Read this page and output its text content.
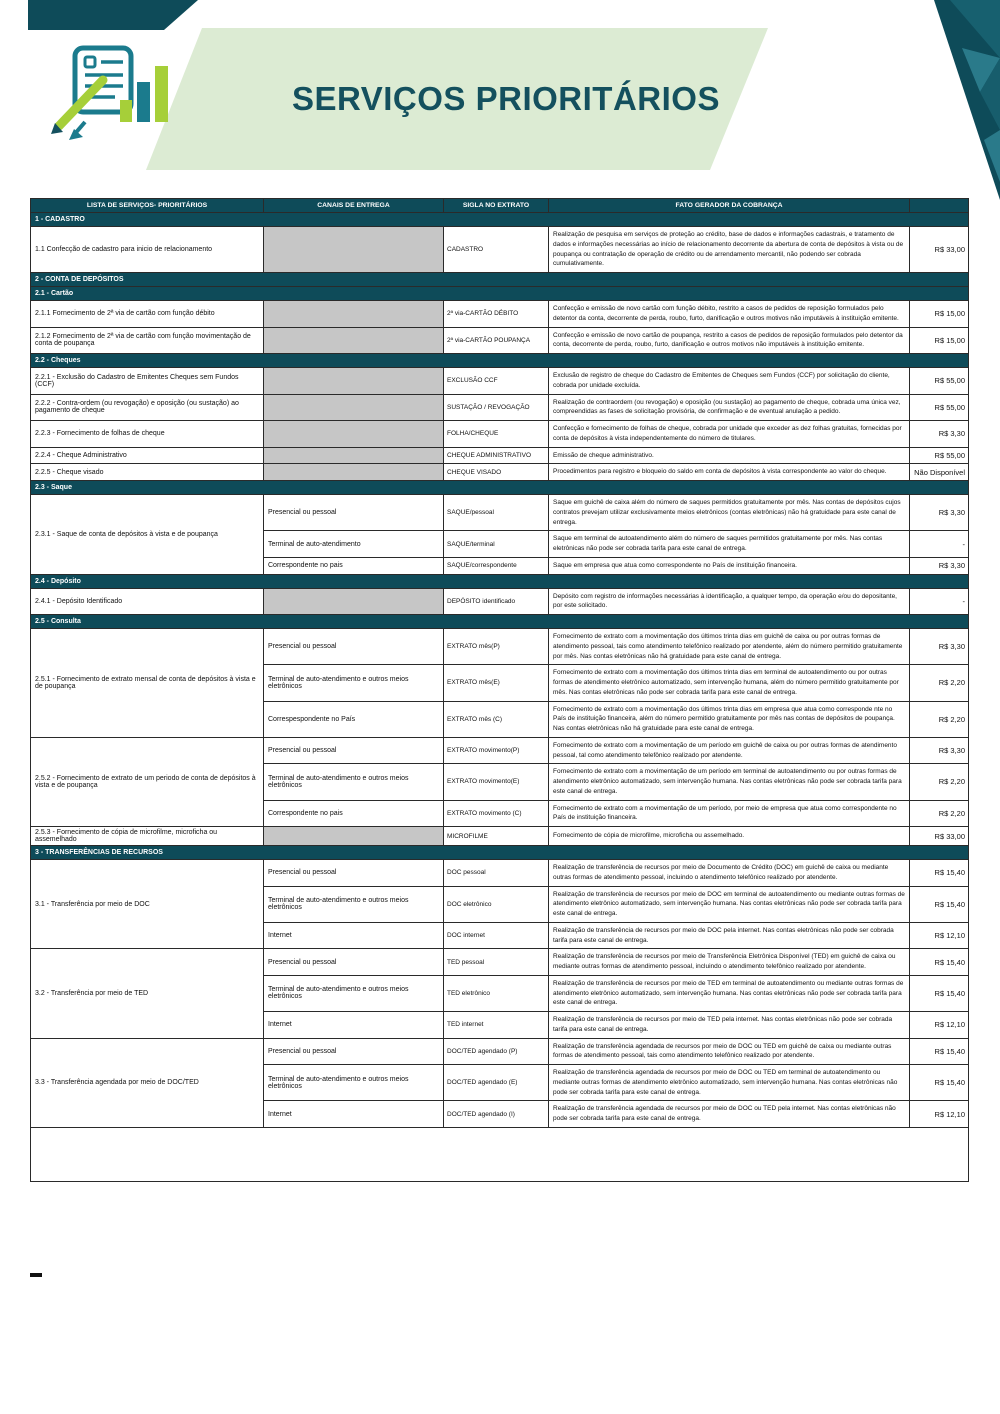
SERVIÇOS PRIORITÁRIOS
LISTA DE SERVIÇOS- PRIORITÁRIOS	CANAIS DE ENTREGA	SIGLA NO EXTRATO	FATO GERADOR DA COBRANÇA	
1 - CADASTRO				
1.1 Confecção de cadastro para inicio de relacionamento		CADASTRO	Realização de pesquisa em serviços de proteção ao crédito, base de dados e informações cadastrais, e tratamento de dados e informações necessárias ao início de relacionamento decorrente da abertura de conta de depósitos à vista ou de poupança ou contratação de operação de crédito ou de arrendamento mercantil, não podendo ser cobrada cumulativamente.	R$ 33,00
2 - CONTA DE DEPÓSITOS				
2.1 - Cartão				
2.1.1 Fornecimento de 2ª via de cartão com função débito		2ª via-CARTÃO DÉBITO	Confecção e emissão de novo cartão com função débito, restrito a casos de pedidos de reposição formulados pelo detentor da conta, decorrente de perda, roubo, furto, danificação e outros motivos não imputáveis à instituição emitente.	R$ 15,00
2.1.2 Fornecimento de 2ª via de cartão com função movimentação de conta de poupança		2ª via-CARTÃO POUPANÇA	Confecção e emissão de novo cartão de poupança, restrito a casos de pedidos de reposição formulados pelo detentor da conta, decorrente de perda, roubo, furto, danificação e outros motivos não imputáveis à instituição emitente.	R$ 15,00
2.2 - Cheques				
2.2.1 - Exclusão do Cadastro de Emitentes Cheques sem Fundos (CCF)		EXCLUSÃO CCF	Exclusão de registro de cheque do Cadastro de Emitentes de Cheques sem Fundos (CCF) por solicitação do cliente, cobrada por unidade excluída.	R$ 55,00
2.2.2 - Contra-ordem (ou revogação) e oposição (ou sustação) ao pagamento de cheque		SUSTAÇÃO / REVOGAÇÃO	Realização de contraordem (ou revogação) e oposição (ou sustação) ao pagamento de cheque, cobrada uma única vez, compreendidas as fases de solicitação provisória, de confirmação e de eventual anulação a pedido.	R$ 55,00
2.2.3 - Fornecimento de folhas de cheque		FOLHA/CHEQUE	Confecção e fornecimento de folhas de cheque, cobrada por unidade que exceder as dez folhas gratuitas, fornecidas por conta de depósitos à vista independentemente do número de titulares.	R$ 3,30
2.2.4 - Cheque Administrativo		CHEQUE ADMINISTRATIVO	Emissão de cheque administrativo.	R$ 55,00
2.2.5 - Cheque visado		CHEQUE VISADO	Procedimentos para registro e bloqueio do saldo em conta de depósitos à vista correspondente ao valor do cheque.	Não Disponível
2.3 - Saque				
2.3.1 - Saque de conta de depósitos à vista e de poupança	Presencial ou pessoal	SAQUE/pessoal	Saque em guichê de caixa além do número de saques permitidos gratuitamente por mês. Nas contas de depósitos cujos contratos prevejam utilizar exclusivamente meios eletrônicos (contas eletrônicas) não há gratuidade para este canal de entrega.	R$ 3,30
	Terminal de auto-atendimento	SAQUE/terminal	Saque em terminal de autoatendimento além do número de saques permitidos gratuitamente por mês. Nas contas eletrônicas não pode ser cobrada tarifa para este canal de entrega.	-
	Correspondente no pais	SAQUE/correspondente	Saque em empresa que atua como correspondente no País de instituição financeira.	R$ 3,30
2.4 - Depósito				
2.4.1 - Depósito Identificado		DEPÓSITO identificado	Depósito com registro de informações necessárias à identificação, a qualquer tempo, da operação e/ou do depositante, por este solicitado.	-
2.5 - Consulta				
2.5.1 - Fornecimento de extrato mensal de conta de depósitos à vista e de poupança	Presencial ou pessoal	EXTRATO mês(P)	Fornecimento de extrato com a movimentação dos últimos trinta dias em guichê de caixa ou por outras formas de atendimento pessoal, tais como atendimento telefônico realizado por atendente, além do número permitido gratuitamente por mês. Nas contas eletrônicas não há gratuidade para este canal de entrega.	R$ 3,30
	Terminal de auto-atendimento e outros meios eletrônicos	EXTRATO mês(E)	Fornecimento de extrato com a movimentação dos últimos trinta dias em terminal de autoatendimento ou por outras formas de atendimento eletrônico automatizado, sem intervenção humana, além do número permitido gratuitamente por mês. Nas contas eletrônicas não pode ser cobrada tarifa para este canal de entrega.	R$ 2,20
	Correspespondente no País	EXTRATO mês (C)	Fornecimento de extrato com a movimentação dos últimos trinta dias em empresa que atua como corresponde nte no País de instituição financeira, além do número permitido gratuitamente por mês nas contas de depósitos de poupança. Nas contas eletrônicas não há gratuidade para este canal de entrega.	R$ 2,20
2.5.2 - Fornecimento de extrato de um periodo de conta de depósitos à vista e de poupança	Presencial ou pessoal	EXTRATO movimento(P)	Fornecimento de extrato com a movimentação de um período em guichê de caixa ou por outras formas de atendimento pessoal, tal como atendimento telefônico realizado por atendente.	R$ 3,30
	Terminal de auto-atendimento e outros meios eletrônicos	EXTRATO movimento(E)	Fornecimento de extrato com a movimentação de um período em terminal de autoatendimento ou por outras formas de atendimento eletrônico automatizado, sem intervenção humana. Nas contas eletrônicas não pode ser cobrada tarifa para este canal de entrega.	R$ 2,20
	Correspondente no pais	EXTRATO movimento (C)	Fornecimento de extrato com a movimentação de um período, por meio de empresa que atua como correspondente no País de instituição financeira.	R$ 2,20
2.5.3 - Fornecimento de cópia de microfilme, microficha ou assemelhado		MICROFILME	Fornecimento de cópia de microfilme, microficha ou assemelhado.	R$ 33,00
3 - TRANSFERÊNCIAS DE RECURSOS				
3.1 - Transferência por meio de DOC	Presencial ou pessoal	DOC pessoal	Realização de transferência de recursos por meio de Documento de Crédito (DOC) em guichê de caixa ou mediante outras formas de atendimento pessoal, incluindo o atendimento telefônico realizado por atendente.	R$ 15,40
	Terminal de auto-atendimento e outros meios eletrônicos	DOC eletrônico	Realização de transferência de recursos por meio de DOC em terminal de autoatendimento ou mediante outras formas de atendimento eletrônico automatizado, sem intervenção humana. Nas contas eletrônicas não pode ser cobrada tarifa para este canal de entrega.	R$ 15,40
	Internet	DOC internet	Realização de transferência de recursos por meio de DOC pela internet. Nas contas eletrônicas não pode ser cobrada tarifa para este canal de entrega.	R$ 12,10
3.2 - Transferência por meio de TED	Presencial ou pessoal	TED pessoal	Realização de transferência de recursos por meio de Transferência Eletrônica Disponível (TED) em guichê de caixa ou mediante outras formas de atendimento pessoal, incluindo o atendimento telefônico realizado por atendente.	R$ 15,40
	Terminal de auto-atendimento e outros meios eletrônicos	TED eletrônico	Realização de transferência de recursos por meio de TED em terminal de autoatendimento ou mediante outras formas de atendimento eletrônico automatizado, sem intervenção humana. Nas contas eletrônicas não pode ser cobrada tarifa para este canal de entrega.	R$ 15,40
	Internet	TED internet	Realização de transferência de recursos por meio de TED pela internet. Nas contas eletrônicas não pode ser cobrada tarifa para este canal de entrega.	R$ 12,10
3.3 - Transferência agendada por meio de DOC/TED	Presencial ou pessoal	DOC/TED agendado (P)	Realização de transferência agendada de recursos por meio de DOC ou TED em guichê de caixa ou mediante outras formas de atendimento pessoal, tais como atendimento telefônico realizado por atendente.	R$ 15,40
	Terminal de auto-atendimento e outros meios eletrônicos	DOC/TED agendado (E)	Realização de transferência agendada de recursos por meio de DOC ou TED em terminal de autoatendimento ou mediante outras formas de atendimento eletrônico automatizado, sem intervenção humana. Nas contas eletrônicas não pode ser cobrada tarifa para este canal de entrega.	R$ 15,40
	Internet	DOC/TED agendado (I)	Realização de transferência agendada de recursos por meio de DOC ou TED pela internet. Nas contas eletrônicas não pode ser cobrada tarifa para este canal de entrega.	R$ 12,10
